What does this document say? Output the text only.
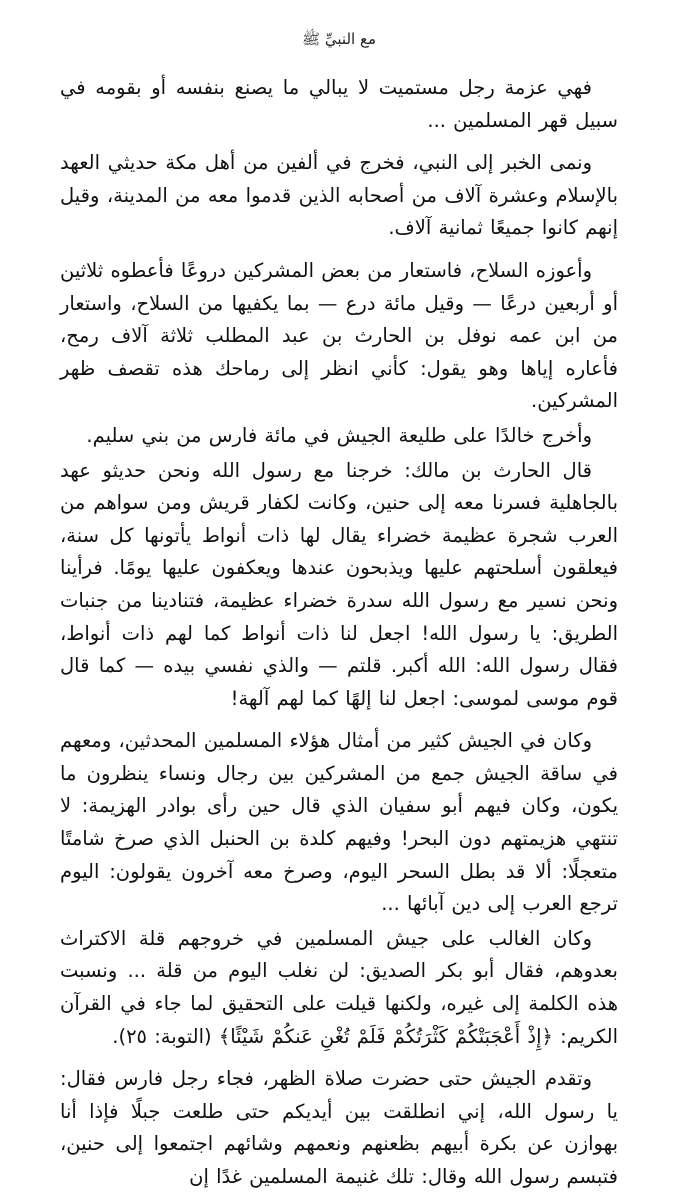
مع النبيِّ ﷺ

فهي عزمة رجل مستميت لا يبالي ما يصنع بنفسه أو بقومه في سبيل قهر المسلمين ...

ونمى الخبر إلى النبي، فخرج في ألفين من أهل مكة حديثي العهد بالإسلام وعشرة آلاف من أصحابه الذين قدموا معه من المدينة، وقيل إنهم كانوا جميعًا ثمانية آلاف.

وأعوزه السلاح، فاستعار من بعض المشركين دروعًا فأعطوه ثلاثين أو أربعين درعًا — وقيل مائة درع — بما يكفيها من السلاح، واستعار من ابن عمه نوفل بن الحارث بن عبد المطلب ثلاثة آلاف رمح، فأعاره إياها وهو يقول: كأني انظر إلى رماحك هذه تقصف ظهر المشركين.

وأخرج خالدًا على طليعة الجيش في مائة فارس من بني سليم.

قال الحارث بن مالك: خرجنا مع رسول الله ونحن حديثو عهد بالجاهلية فسرنا معه إلى حنين، وكانت لكفار قريش ومن سواهم من العرب شجرة عظيمة خضراء يقال لها ذات أنواط يأتونها كل سنة، فيعلقون أسلحتهم عليها ويذبحون عندها ويعكفون عليها يومًا. فرأينا ونحن نسير مع رسول الله سدرة خضراء عظيمة، فتنادينا من جنبات الطريق: يا رسول الله! اجعل لنا ذات أنواط كما لهم ذات أنواط، فقال رسول الله: الله أكبر. قلتم — والذي نفسي بيده — كما قال قوم موسى لموسى: اجعل لنا إلهًا كما لهم آلهة!

وكان في الجيش كثير من أمثال هؤلاء المسلمين المحدثين، ومعهم في ساقة الجيش جمع من المشركين بين رجال ونساء ينظرون ما يكون، وكان فيهم أبو سفيان الذي قال حين رأى بوادر الهزيمة: لا تنتهي هزيمتهم دون البحر! وفيهم كلدة بن الحنبل الذي صرخ شامتًا متعجلًا: ألا قد بطل السحر اليوم، وصرخ معه آخرون يقولون: اليوم ترجع العرب إلى دين آبائها ...

وكان الغالب على جيش المسلمين في خروجهم قلة الاكتراث بعدوهم، فقال أبو بكر الصديق: لن نغلب اليوم من قلة ... ونسبت هذه الكلمة إلى غيره، ولكنها قيلت على التحقيق لما جاء في القرآن الكريم: ﴿إِذْ أَعْجَبَتْكُمْ كَثْرَتُكُمْ فَلَمْ تُغْنِ عَنكُمْ شَيْئًا﴾ (التوبة: ٢٥).

وتقدم الجيش حتى حضرت صلاة الظهر، فجاء رجل فارس فقال: يا رسول الله، إني انطلقت بين أيديكم حتى طلعت جبلًا فإذا أنا بهوازن عن بكرة أبيهم بظعنهم ونعمهم وشائهم اجتمعوا إلى حنين، فتبسم رسول الله وقال: تلك غنيمة المسلمين غدًا إن
